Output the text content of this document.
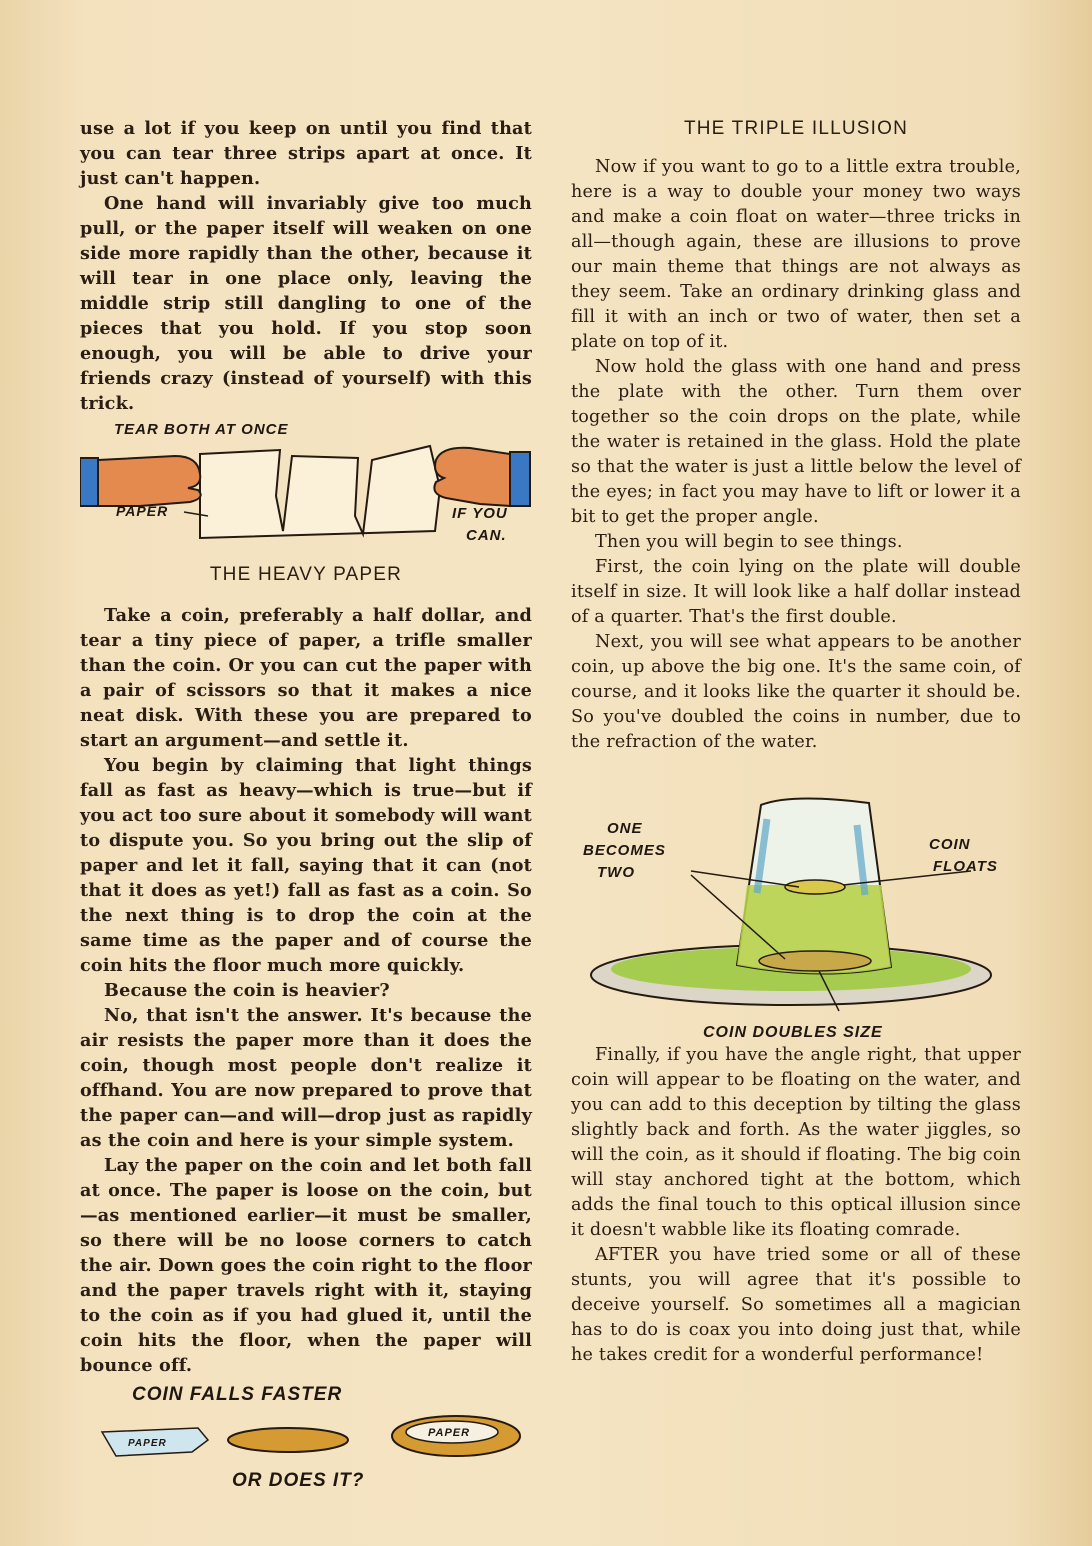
use a lot if you keep on until you find that you can tear three strips apart at once. It just can't happen.

One hand will invariably give too much pull, or the paper itself will weaken on one side more rapidly than the other, because it will tear in one place only, leaving the middle strip still dangling to one of the pieces that you hold. If you stop soon enough, you will be able to drive your friends crazy (instead of yourself) with this trick.

TEAR BOTH AT ONCE
PAPER	IF YOU
CAN.

THE HEAVY PAPER

Take a coin, preferably a half dollar, and tear a tiny piece of paper, a trifle smaller than the coin. Or you can cut the paper with a pair of scissors so that it makes a nice neat disk. With these you are prepared to start an argument—and settle it.

You begin by claiming that light things fall as fast as heavy—which is true—but if you act too sure about it somebody will want to dispute you. So you bring out the slip of paper and let it fall, saying that it can (not that it does as yet!) fall as fast as a coin. So the next thing is to drop the coin at the same time as the paper and of course the coin hits the floor much more quickly.

Because the coin is heavier?

No, that isn't the answer. It's because the air resists the paper more than it does the coin, though most people don't realize it offhand. You are now prepared to prove that the paper can—and will—drop just as rapidly as the coin and here is your simple system.

Lay the paper on the coin and let both fall at once. The paper is loose on the coin, but —as mentioned earlier—it must be smaller, so there will be no loose corners to catch the air. Down goes the coin right to the floor and the paper travels right with it, staying to the coin as if you had glued it, until the coin hits the floor, when the paper will bounce off.

COIN FALLS FASTER
PAPER
PAPER
OR DOES IT?

THE TRIPLE ILLUSION

Now if you want to go to a little extra trouble, here is a way to double your money two ways and make a coin float on water—three tricks in all—though again, these are illusions to prove our main theme that things are not always as they seem. Take an ordinary drinking glass and fill it with an inch or two of water, then set a plate on top of it.

Now hold the glass with one hand and press the plate with the other. Turn them over together so the coin drops on the plate, while the water is retained in the glass. Hold the plate so that the water is just a little below the level of the eyes; in fact you may have to lift or lower it a bit to get the proper angle.

Then you will begin to see things.

First, the coin lying on the plate will double itself in size. It will look like a half dollar instead of a quarter. That's the first double.

Next, you will see what appears to be another coin, up above the big one. It's the same coin, of course, and it looks like the quarter it should be. So you've doubled the coins in number, due to the refraction of the water.

ONE
BECOMES
TWO
COIN
FLOATS
COIN DOUBLES SIZE

Finally, if you have the angle right, that upper coin will appear to be floating on the water, and you can add to this deception by tilting the glass slightly back and forth. As the water jiggles, so will the coin, as it should if floating. The big coin will stay anchored tight at the bottom, which adds the final touch to this optical illusion since it doesn't wabble like its floating comrade.

AFTER you have tried some or all of these stunts, you will agree that it's possible to deceive yourself. So sometimes all a magician has to do is coax you into doing just that, while he takes credit for a wonderful performance!
